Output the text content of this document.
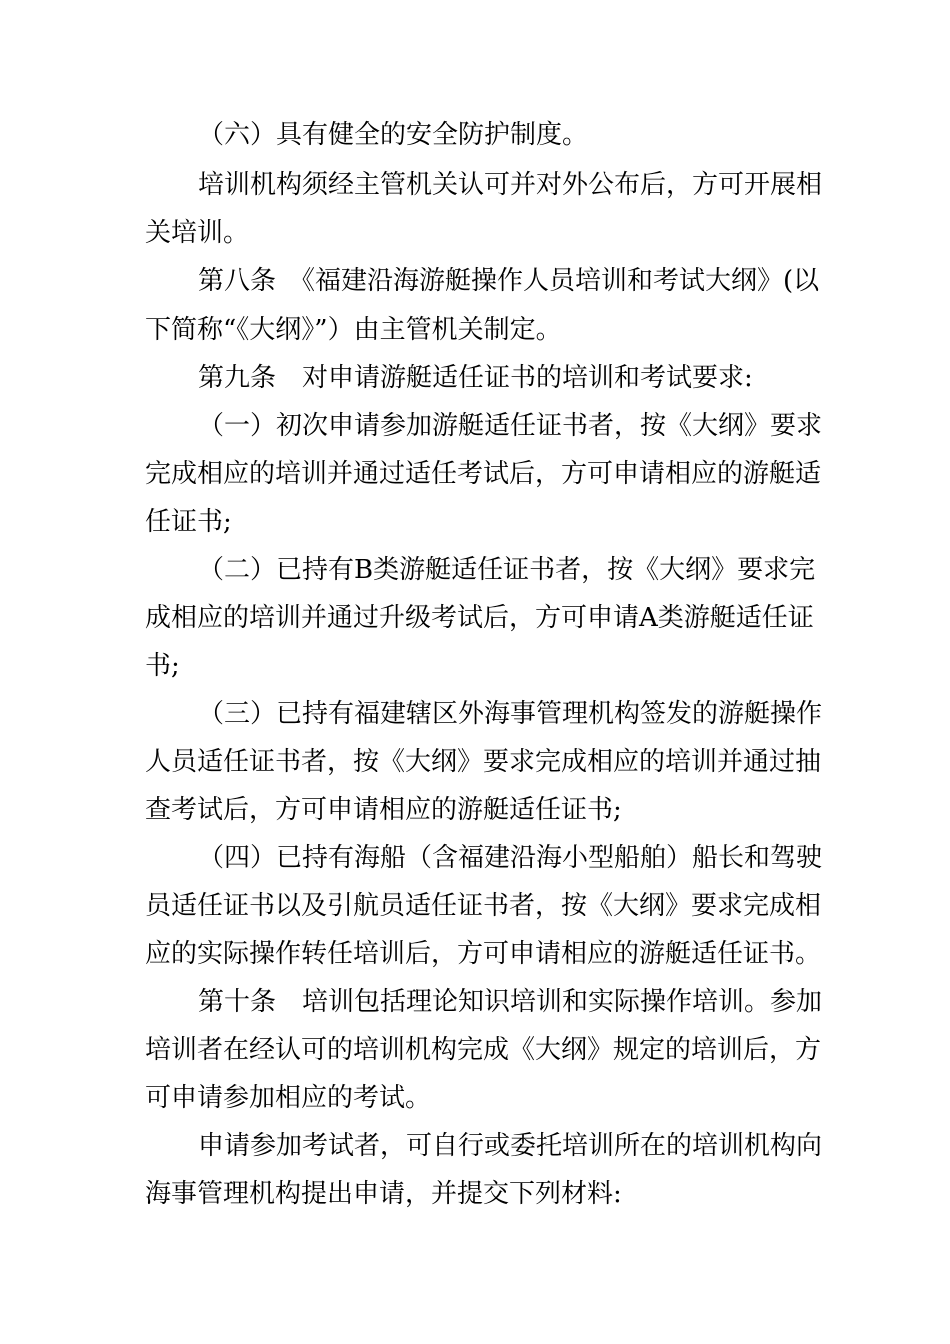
（六）具有健全的安全防护制度。
培训机构须经主管机关认可并对外公布后，方可开展相
关培训。
第八条　《福建沿海游艇操作人员培训和考试大纲》(以
下简称“《大纲》”）由主管机关制定。
第九条　对申请游艇适任证书的培训和考试要求:
（一）初次申请参加游艇适任证书者，按《大纲》要求
完成相应的培训并通过适任考试后，方可申请相应的游艇适
任证书;
（二）已持有B类游艇适任证书者，按《大纲》要求完
成相应的培训并通过升级考试后，方可申请A类游艇适任证
书;
（三）已持有福建辖区外海事管理机构签发的游艇操作
人员适任证书者，按《大纲》要求完成相应的培训并通过抽
查考试后，方可申请相应的游艇适任证书;
（四）已持有海船（含福建沿海小型船舶）船长和驾驶
员适任证书以及引航员适任证书者，按《大纲》要求完成相
应的实际操作转任培训后，方可申请相应的游艇适任证书。
第十条　培训包括理论知识培训和实际操作培训。参加
培训者在经认可的培训机构完成《大纲》规定的培训后，方
可申请参加相应的考试。
申请参加考试者，可自行或委托培训所在的培训机构向
海事管理机构提出申请，并提交下列材料:
